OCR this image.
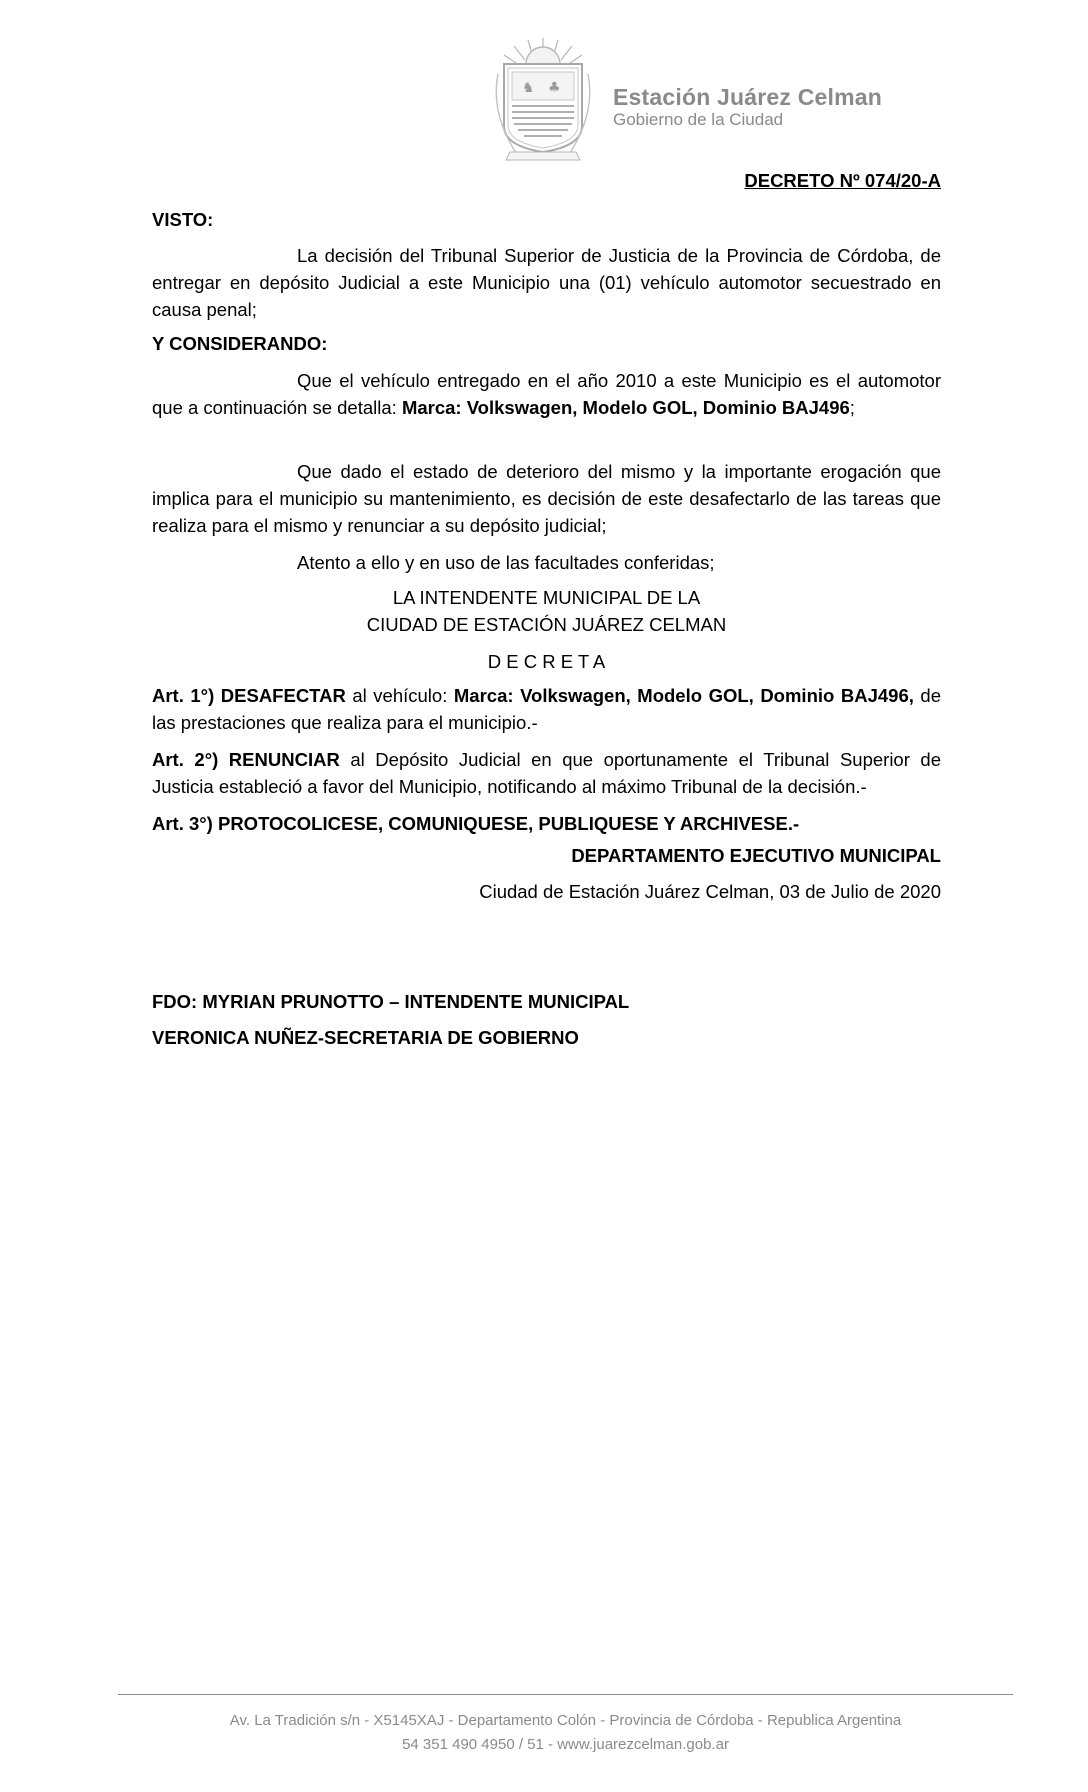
♞ ♣ Estación Juárez Celman
Gobierno de la Ciudad
DECRETO Nº 074/20-A
VISTO:
La decisión del Tribunal Superior de Justicia de la Provincia de Córdoba, de entregar en depósito Judicial a este Municipio una (01) vehículo automotor secuestrado en causa penal;
Y CONSIDERANDO:
Que el vehículo entregado en el año 2010 a este Municipio es el automotor que a continuación se detalla: Marca: Volkswagen, Modelo GOL, Dominio BAJ496;
Que dado el estado de deterioro del mismo y la importante erogación que implica para el municipio su mantenimiento, es decisión de este desafectarlo de las tareas que realiza para el mismo y renunciar a su depósito judicial;
Atento a ello y en uso de las facultades conferidas;
LA INTENDENTE MUNICIPAL DE LA
CIUDAD DE ESTACIÓN JUÁREZ CELMAN
D E C R E T A
Art. 1°) DESAFECTAR al vehículo: Marca: Volkswagen, Modelo GOL, Dominio BAJ496, de las prestaciones que realiza para el municipio.-
Art. 2°) RENUNCIAR al Depósito Judicial en que oportunamente el Tribunal Superior de Justicia estableció a favor del Municipio, notificando al máximo Tribunal de la decisión.-
Art. 3°) PROTOCOLICESE, COMUNIQUESE, PUBLIQUESE Y ARCHIVESE.-
DEPARTAMENTO EJECUTIVO MUNICIPAL
Ciudad de Estación Juárez Celman, 03 de Julio de 2020
FDO: MYRIAN PRUNOTTO – INTENDENTE MUNICIPAL
VERONICA NUÑEZ-SECRETARIA DE GOBIERNO
Av. La Tradición s/n - X5145XAJ - Departamento Colón - Provincia de Córdoba - Republica Argentina
54 351 490 4950 / 51 - www.juarezcelman.gob.ar
